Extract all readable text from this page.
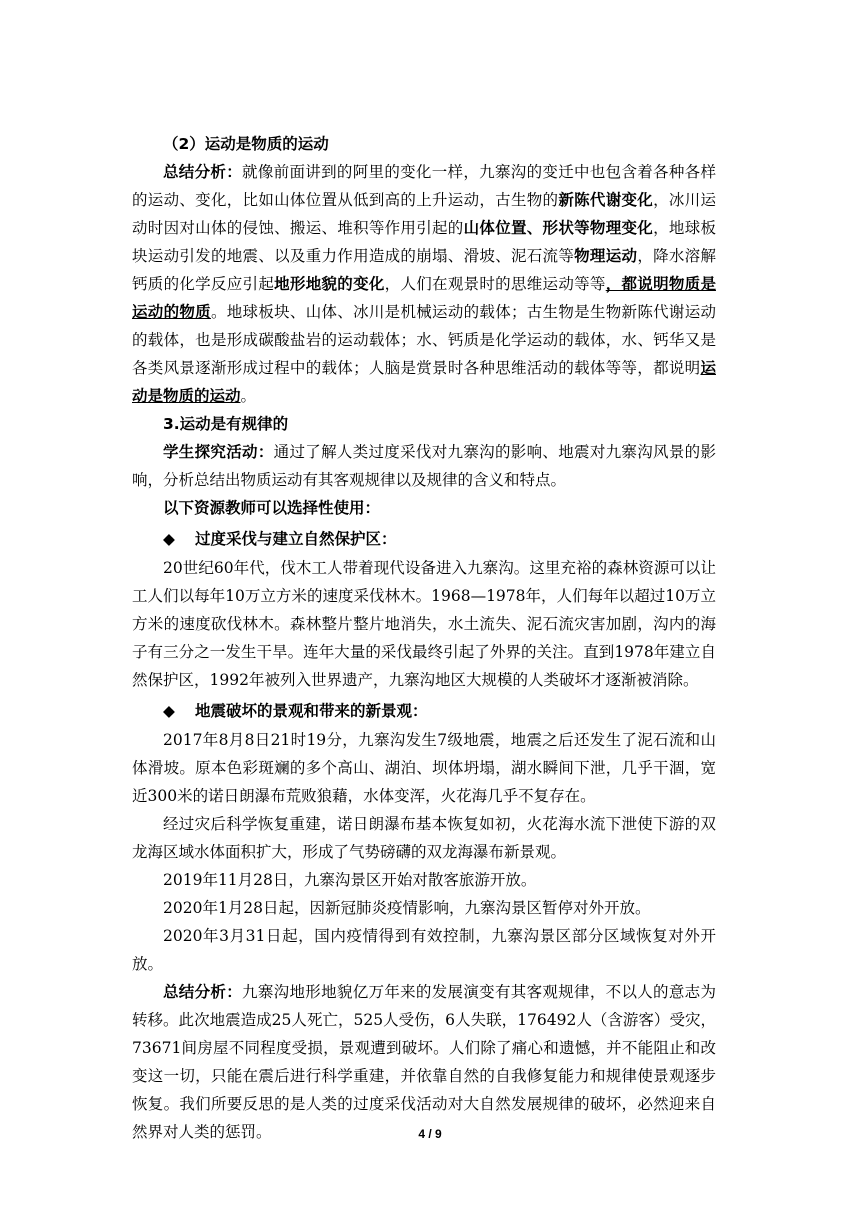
（2）运动是物质的运动

总结分析：就像前面讲到的阿里的变化一样，九寨沟的变迁中也包含着各种各样的运动、变化，比如山体位置从低到高的上升运动，古生物的新陈代谢变化，冰川运动时因对山体的侵蚀、搬运、堆积等作用引起的山体位置、形状等物理变化，地球板块运动引发的地震、以及重力作用造成的崩塌、滑坡、泥石流等物理运动，降水溶解钙质的化学反应引起地形地貌的变化，人们在观景时的思维运动等等，都说明物质是运动的物质。地球板块、山体、冰川是机械运动的载体；古生物是生物新陈代谢运动的载体，也是形成碳酸盐岩的运动载体；水、钙质是化学运动的载体，水、钙华又是各类风景逐渐形成过程中的载体；人脑是赏景时各种思维活动的载体等等，都说明运动是物质的运动。

3.运动是有规律的

学生探究活动：通过了解人类过度采伐对九寨沟的影响、地震对九寨沟风景的影响，分析总结出物质运动有其客观规律以及规律的含义和特点。

以下资源教师可以选择性使用：

◆ 过度采伐与建立自然保护区：

20世纪60年代，伐木工人带着现代设备进入九寨沟。这里充裕的森林资源可以让工人们以每年10万立方米的速度采伐林木。1968—1978年，人们每年以超过10万立方米的速度砍伐林木。森林整片整片地消失，水土流失、泥石流灾害加剧，沟内的海子有三分之一发生干旱。连年大量的采伐最终引起了外界的关注。直到1978年建立自然保护区，1992年被列入世界遗产，九寨沟地区大规模的人类破坏才逐渐被消除。

◆ 地震破坏的景观和带来的新景观：

2017年8月8日21时19分，九寨沟发生7级地震，地震之后还发生了泥石流和山体滑坡。原本色彩斑斓的多个高山、湖泊、坝体坍塌，湖水瞬间下泄，几乎干涸，宽近300米的诺日朗瀑布荒败狼藉，水体变浑，火花海几乎不复存在。

经过灾后科学恢复重建，诺日朗瀑布基本恢复如初，火花海水流下泄使下游的双龙海区域水体面积扩大，形成了气势磅礴的双龙海瀑布新景观。

2019年11月28日，九寨沟景区开始对散客旅游开放。

2020年1月28日起，因新冠肺炎疫情影响，九寨沟景区暂停对外开放。

2020年3月31日起，国内疫情得到有效控制，九寨沟景区部分区域恢复对外开放。

总结分析：九寨沟地形地貌亿万年来的发展演变有其客观规律，不以人的意志为转移。此次地震造成25人死亡，525人受伤，6人失联，176492人（含游客）受灾，73671间房屋不同程度受损，景观遭到破坏。人们除了痛心和遗憾，并不能阻止和改变这一切，只能在震后进行科学重建，并依靠自然的自我修复能力和规律使景观逐步恢复。我们所要反思的是人类的过度采伐活动对大自然发展规律的破坏，必然迎来自然界对人类的惩罚。	4 / 9
